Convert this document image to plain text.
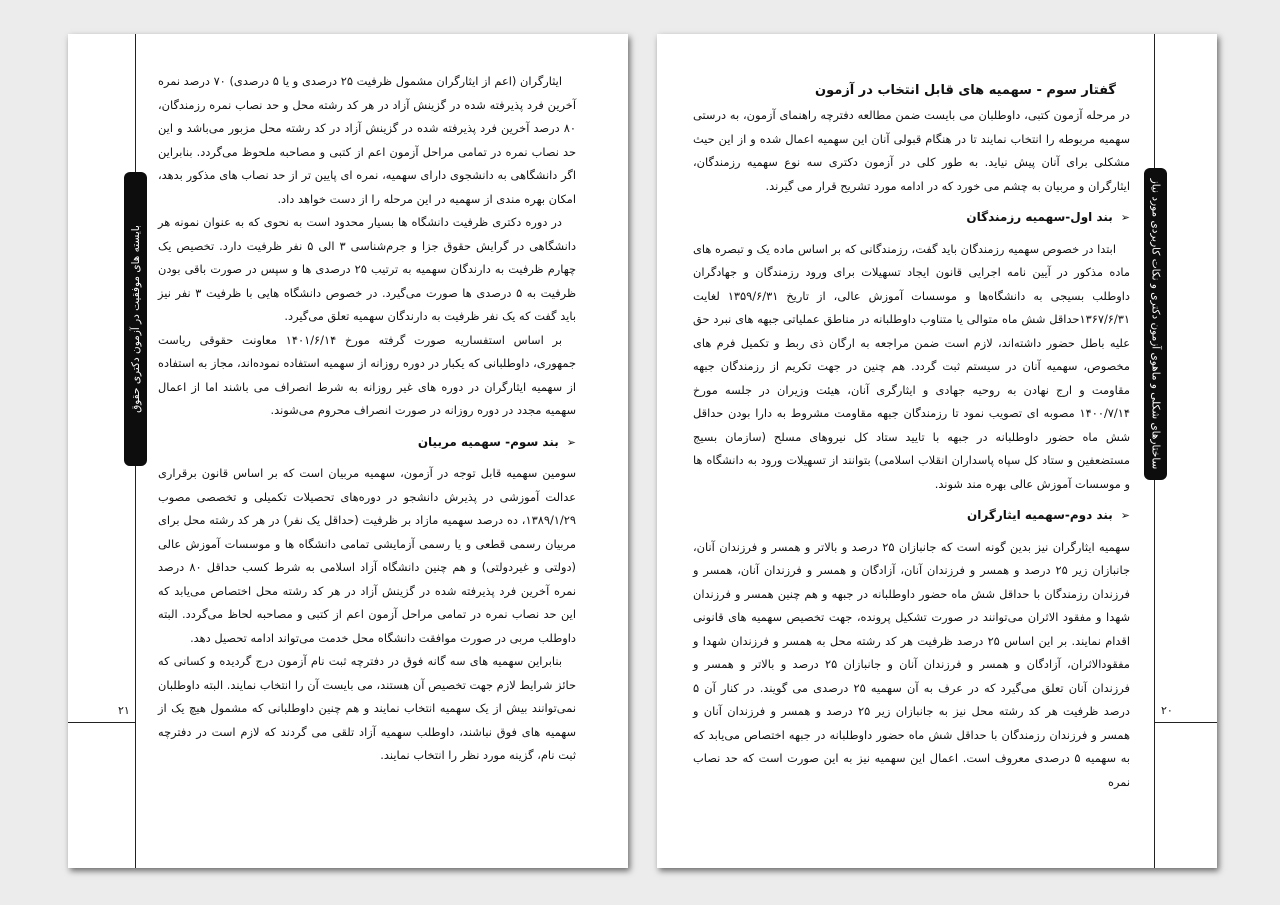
۲۱
بایسته های موفقیت در آزمون دکتری حقوق

ایثارگران (اعم از ایثارگران مشمول ظرفیت ۲۵ درصدی و یا ۵ درصدی) ۷۰ درصد نمره آخرین فرد پذیرفته شده در گزینش آزاد در هر کد رشته محل و حد نصاب نمره رزمندگان، ۸۰ درصد آخرین فرد پذیرفته شده در گزینش آزاد در کد رشته محل مزبور می‌باشد و این حد نصاب نمره در تمامی مراحل آزمون اعم از کتبی و مصاحبه ملحوظ می‌گردد. بنابراین اگر دانشگاهی به دانشجوی دارای سهمیه، نمره ای پایین تر از حد نصاب های مذکور بدهد، امکان بهره مندی از سهمیه در این مرحله را از دست خواهد داد.

در دوره دکتری ظرفیت دانشگاه ها بسیار محدود است به نحوی که به عنوان نمونه هر دانشگاهی در گرایش حقوق جزا و جرم‌شناسی ۳ الی ۵ نفر ظرفیت دارد. تخصیص یک چهارم ظرفیت به دارندگان سهمیه به ترتیب ۲۵ درصدی ها و سپس در صورت باقی بودن ظرفیت به ۵ درصدی ها صورت می‌گیرد. در خصوص دانشگاه هایی با ظرفیت ۳ نفر نیز باید گفت که یک نفر ظرفیت به دارندگان سهمیه تعلق می‌گیرد.

بر اساس استفساریه صورت گرفته مورخ ۱۴۰۱/۶/۱۴ معاونت حقوقی ریاست جمهوری، داوطلبانی که یکبار در دوره روزانه از سهمیه استفاده نموده‌اند، مجاز به استفاده از سهمیه ایثارگران در دوره های غیر روزانه به شرط انصراف می باشند اما از اعمال سهمیه مجدد در دوره روزانه در صورت انصراف محروم می‌شوند.

➢
بند سوم- سهمیه مربیان

سومین سهمیه قابل توجه در آزمون، سهمیه مربیان است که بر اساس قانون برقراری عدالت آموزشی در پذیرش دانشجو در دوره‌های تحصیلات تکمیلی و تخصصی مصوب ۱۳۸۹/۱/۲۹، ده درصد سهمیه مازاد بر ظرفیت (حداقل یک نفر) در هر کد رشته محل برای مربیان رسمی قطعی و یا رسمی آزمایشی تمامی دانشگاه ها و موسسات آموزش عالی (دولتی و غیردولتی) و هم چنین دانشگاه آزاد اسلامی به شرط کسب حداقل ۸۰ درصد نمره آخرین فرد پذیرفته شده در گزینش آزاد در هر کد رشته محل اختصاص می‌یابد که این حد نصاب نمره در تمامی مراحل آزمون اعم از کتبی و مصاحبه لحاظ می‌گردد. البته داوطلب مربی در صورت موافقت دانشگاه محل خدمت می‌تواند ادامه تحصیل دهد.

بنابراین سهمیه های سه گانه فوق در دفترچه ثبت نام آزمون درج گردیده و کسانی که حائز شرایط لازم جهت تخصیص آن هستند، می بایست آن را انتخاب نمایند. البته داوطلبان نمی‌توانند بیش از یک سهمیه انتخاب نمایند و هم چنین داوطلبانی که مشمول هیچ یک از سهمیه های فوق نباشند، داوطلب سهمیه آزاد تلقی می گردند که لازم است در دفترچه ثبت نام، گزینه مورد نظر را انتخاب نمایند.

۲۰
ساختارهای شکلی و ماهوی آزمون دکتری و نکات کاربردی مورد نیاز

گفتار سوم - سهمیه های قابل انتخاب در آزمون

در مرحله آزمون کتبی، داوطلبان می بایست ضمن مطالعه دفترچه راهنمای آزمون، به درستی سهمیه مربوطه را انتخاب نمایند تا در هنگام قبولی آنان این سهمیه اعمال شده و از این حیث مشکلی برای آنان پیش نیاید. به طور کلی در آزمون دکتری سه نوع سهمیه رزمندگان، ایثارگران و مربیان به چشم می خورد که در ادامه مورد تشریح قرار می گیرند.

➢
بند اول-سهمیه رزمندگان

ابتدا در خصوص سهمیه رزمندگان باید گفت، رزمندگانی که بر اساس ماده یک و تبصره های ماده مذکور در آیین نامه اجرایی قانون ایجاد تسهیلات برای ورود رزمندگان و جهادگران داوطلب بسیجی به دانشگاه‌ها و موسسات آموزش عالی، از تاریخ ۱۳۵۹/۶/۳۱ لغایت ۱۳۶۷/۶/۳۱حداقل شش ماه متوالی یا متناوب داوطلبانه در مناطق عملیاتی جبهه های نبرد حق علیه باطل حضور داشته‌اند، لازم است ضمن مراجعه به ارگان ذی ربط و تکمیل فرم های مخصوص، سهمیه آنان در سیستم ثبت گردد. هم چنین در جهت تکریم از رزمندگان جبهه مقاومت و ارج نهادن به روحیه جهادی و ایثارگری آنان، هیئت وزیران در جلسه مورخ ۱۴۰۰/۷/۱۴ مصوبه ای تصویب نمود تا رزمندگان جبهه مقاومت مشروط به دارا بودن حداقل شش ماه حضور داوطلبانه در جبهه با تایید ستاد کل نیروهای مسلح (سازمان بسیج مستضعفین و ستاد کل سپاه پاسداران انقلاب اسلامی) بتوانند از تسهیلات ورود به دانشگاه ها و موسسات آموزش عالی بهره مند شوند.

➢
بند دوم-سهمیه ایثارگران

سهمیه ایثارگران نیز بدین گونه است که جانبازان ۲۵ درصد و بالاتر و همسر و فرزندان آنان، جانبازان زیر ۲۵ درصد و همسر و فرزندان آنان، آزادگان و همسر و فرزندان آنان، همسر و فرزندان رزمندگان با حداقل شش ماه حضور داوطلبانه در جبهه و هم چنین همسر و فرزندان شهدا و مفقود الاثران می‌توانند در صورت تشکیل پرونده، جهت تخصیص سهمیه های قانونی اقدام نمایند. بر این اساس ۲۵ درصد ظرفیت هر کد رشته محل به همسر و فرزندان شهدا و مفقودالاثران، آزادگان و همسر و فرزندان آنان و جانبازان ۲۵ درصد و بالاتر و همسر و فرزندان آنان تعلق می‌گیرد که در عرف به آن سهمیه ۲۵ درصدی می گویند. در کنار آن ۵ درصد ظرفیت هر کد رشته محل نیز به جانبازان زیر ۲۵ درصد و همسر و فرزندان آنان و همسر و فرزندان رزمندگان با حداقل شش ماه حضور داوطلبانه در جبهه اختصاص می‌یابد که به سهمیه ۵ درصدی معروف است. اعمال این سهمیه نیز به این صورت است که حد نصاب نمره
